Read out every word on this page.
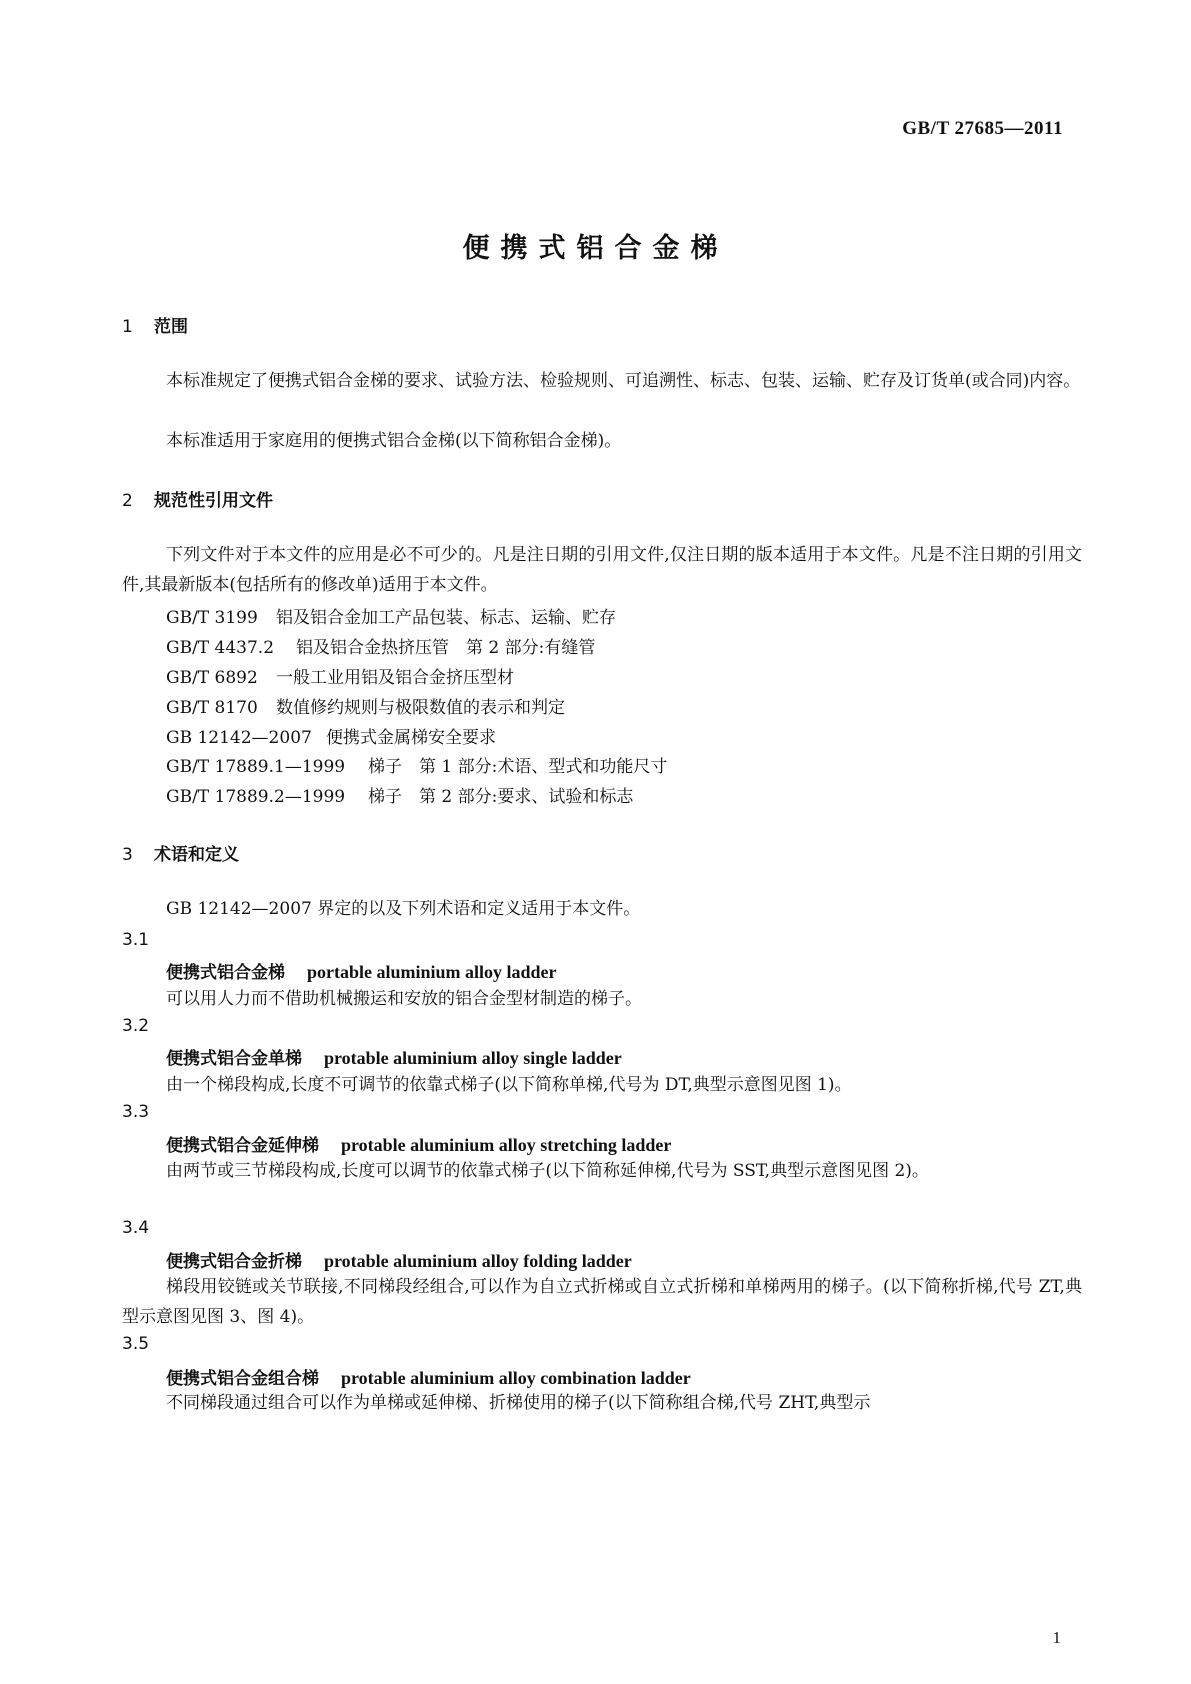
GB/T 27685—2011
便携式铝合金梯
1 范围
本标准规定了便携式铝合金梯的要求、试验方法、检验规则、可追溯性、标志、包装、运输、贮存及订货单(或合同)内容。
本标准适用于家庭用的便携式铝合金梯(以下简称铝合金梯)。
2 规范性引用文件
下列文件对于本文件的应用是必不可少的。凡是注日期的引用文件,仅注日期的版本适用于本文件。凡是不注日期的引用文件,其最新版本(包括所有的修改单)适用于本文件。
GB/T 3199 铝及铝合金加工产品包装、标志、运输、贮存
GB/T 4437.2 铝及铝合金热挤压管　第 2 部分:有缝管
GB/T 6892 一般工业用铝及铝合金挤压型材
GB/T 8170 数值修约规则与极限数值的表示和判定
GB 12142—2007 便携式金属梯安全要求
GB/T 17889.1—1999 梯子　第 1 部分:术语、型式和功能尺寸
GB/T 17889.2—1999 梯子　第 2 部分:要求、试验和标志
3 术语和定义
GB 12142—2007 界定的以及下列术语和定义适用于本文件。
3.1
便携式铝合金梯 portable aluminium alloy ladder
可以用人力而不借助机械搬运和安放的铝合金型材制造的梯子。
3.2
便携式铝合金单梯 protable aluminium alloy single ladder
由一个梯段构成,长度不可调节的依靠式梯子(以下简称单梯,代号为 DT,典型示意图见图 1)。
3.3
便携式铝合金延伸梯 protable aluminium alloy stretching ladder
由两节或三节梯段构成,长度可以调节的依靠式梯子(以下简称延伸梯,代号为 SST,典型示意图见图 2)。
3.4
便携式铝合金折梯 protable aluminium alloy folding ladder
梯段用铰链或关节联接,不同梯段经组合,可以作为自立式折梯或自立式折梯和单梯两用的梯子。(以下简称折梯,代号 ZT,典型示意图见图 3、图 4)。
3.5
便携式铝合金组合梯 protable aluminium alloy combination ladder
不同梯段通过组合可以作为单梯或延伸梯、折梯使用的梯子(以下简称组合梯,代号 ZHT,典型示
1
